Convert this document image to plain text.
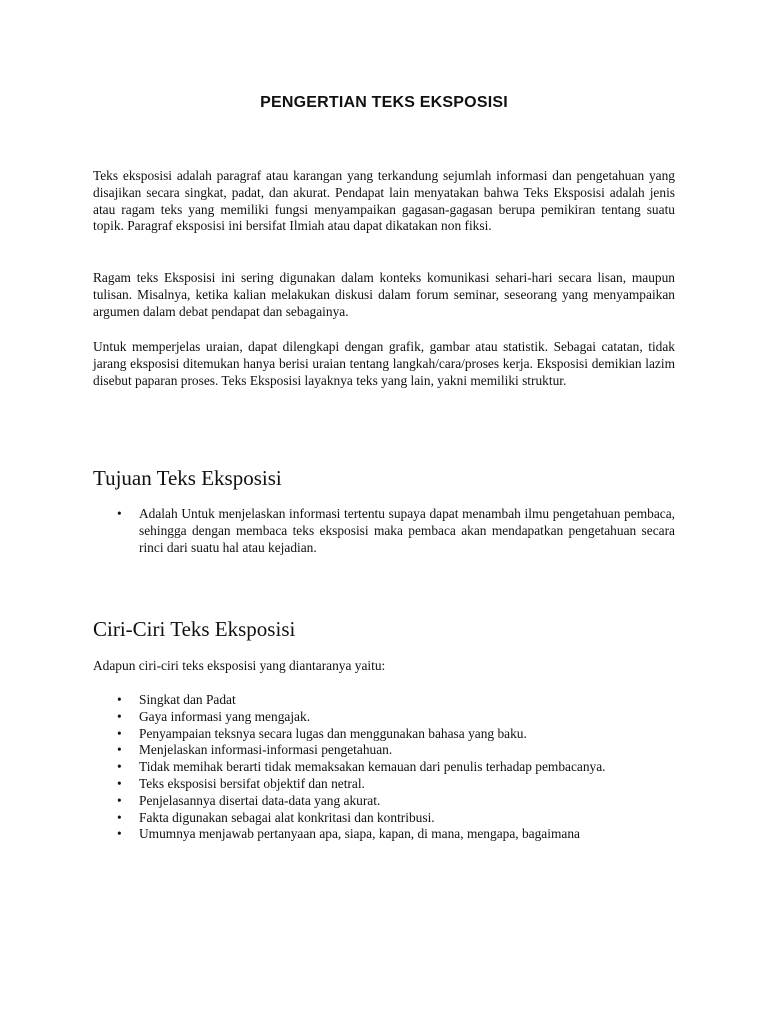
PENGERTIAN TEKS EKSPOSISI

Teks eksposisi adalah paragraf atau karangan yang terkandung sejumlah informasi dan pengetahuan yang disajikan secara singkat, padat, dan akurat. Pendapat lain menyatakan bahwa Teks Eksposisi adalah jenis atau ragam teks yang memiliki fungsi menyampaikan gagasan-gagasan berupa pemikiran tentang suatu topik. Paragraf eksposisi ini bersifat Ilmiah atau dapat dikatakan non fiksi.

Ragam teks Eksposisi ini sering digunakan dalam konteks komunikasi sehari-hari secara lisan, maupun tulisan. Misalnya, ketika kalian melakukan diskusi dalam forum seminar, seseorang yang menyampaikan argumen dalam debat pendapat dan sebagainya.

Untuk memperjelas uraian, dapat dilengkapi dengan grafik, gambar atau statistik. Sebagai catatan, tidak jarang eksposisi ditemukan hanya berisi uraian tentang langkah/cara/proses kerja. Eksposisi demikian lazim disebut paparan proses. Teks Eksposisi layaknya teks yang lain, yakni memiliki struktur.

Tujuan Teks Eksposisi
• Adalah Untuk menjelaskan informasi tertentu supaya dapat menambah ilmu pengetahuan pembaca, sehingga dengan membaca teks eksposisi maka pembaca akan mendapatkan pengetahuan secara rinci dari suatu hal atau kejadian.
Ciri-Ciri Teks Eksposisi

Adapun ciri-ciri teks eksposisi yang diantaranya yaitu:

• Singkat dan Padat
• Gaya informasi yang mengajak.
• Penyampaian teksnya secara lugas dan menggunakan bahasa yang baku.
• Menjelaskan informasi-informasi pengetahuan.
• Tidak memihak berarti tidak memaksakan kemauan dari penulis terhadap pembacanya.
• Teks eksposisi bersifat objektif dan netral.
• Penjelasannya disertai data-data yang akurat.
• Fakta digunakan sebagai alat konkritasi dan kontribusi.
• Umumnya menjawab pertanyaan apa, siapa, kapan, di mana, mengapa, bagaimana
